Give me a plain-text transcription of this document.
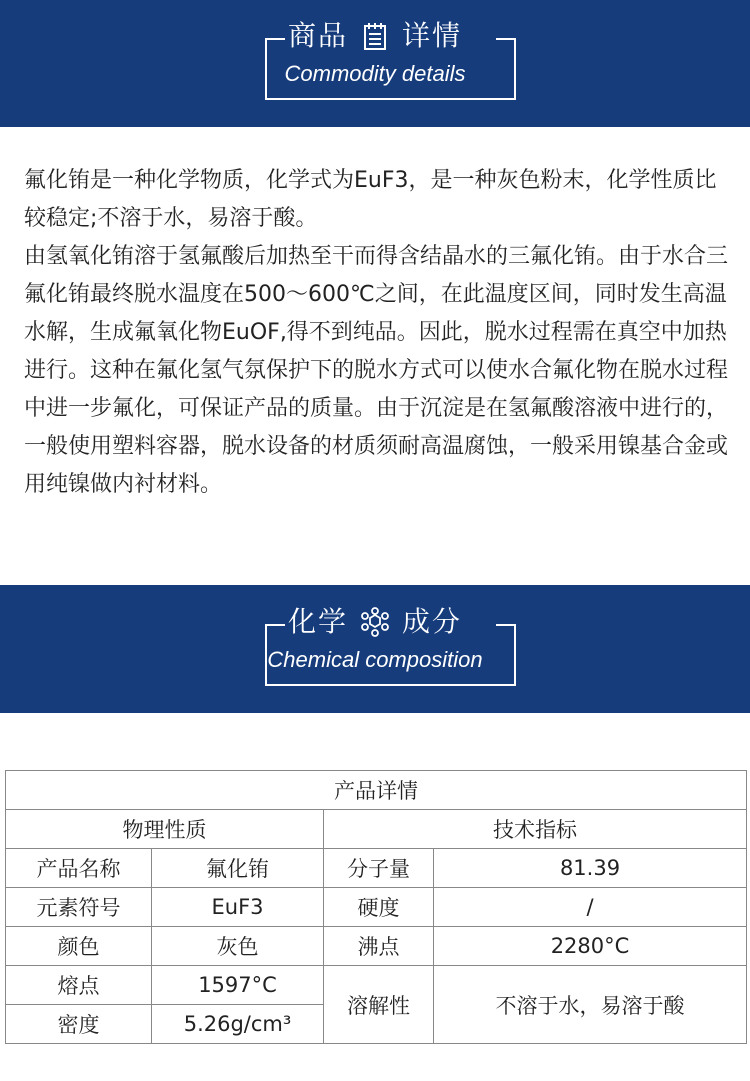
商品 详情
Commodity details

氟化铕是一种化学物质，化学式为EuF3，是一种灰色粉末，化学性质比较稳定;不溶于水，易溶于酸。

由氢氧化铕溶于氢氟酸后加热至干而得含结晶水的三氟化铕。由于水合三氟化铕最终脱水温度在500～600℃之间，在此温度区间，同时发生高温水解，生成氟氧化物EuOF,得不到纯品。因此，脱水过程需在真空中加热进行。这种在氟化氢气氛保护下的脱水方式可以使水合氟化物在脱水过程中进一步氟化，可保证产品的质量。由于沉淀是在氢氟酸溶液中进行的，一般使用塑料容器，脱水设备的材质须耐高温腐蚀，一般采用镍基合金或用纯镍做内衬材料。

化学 成分
Chemical composition
产品详情			
物理性质		技术指标	
产品名称	氟化铕	分子量	81.39
元素符号	EuF3	硬度	/
颜色	灰色	沸点	2280°C
熔点	1597°C	溶解性	不溶于水，易溶于酸
密度	5.26g/cm³		
